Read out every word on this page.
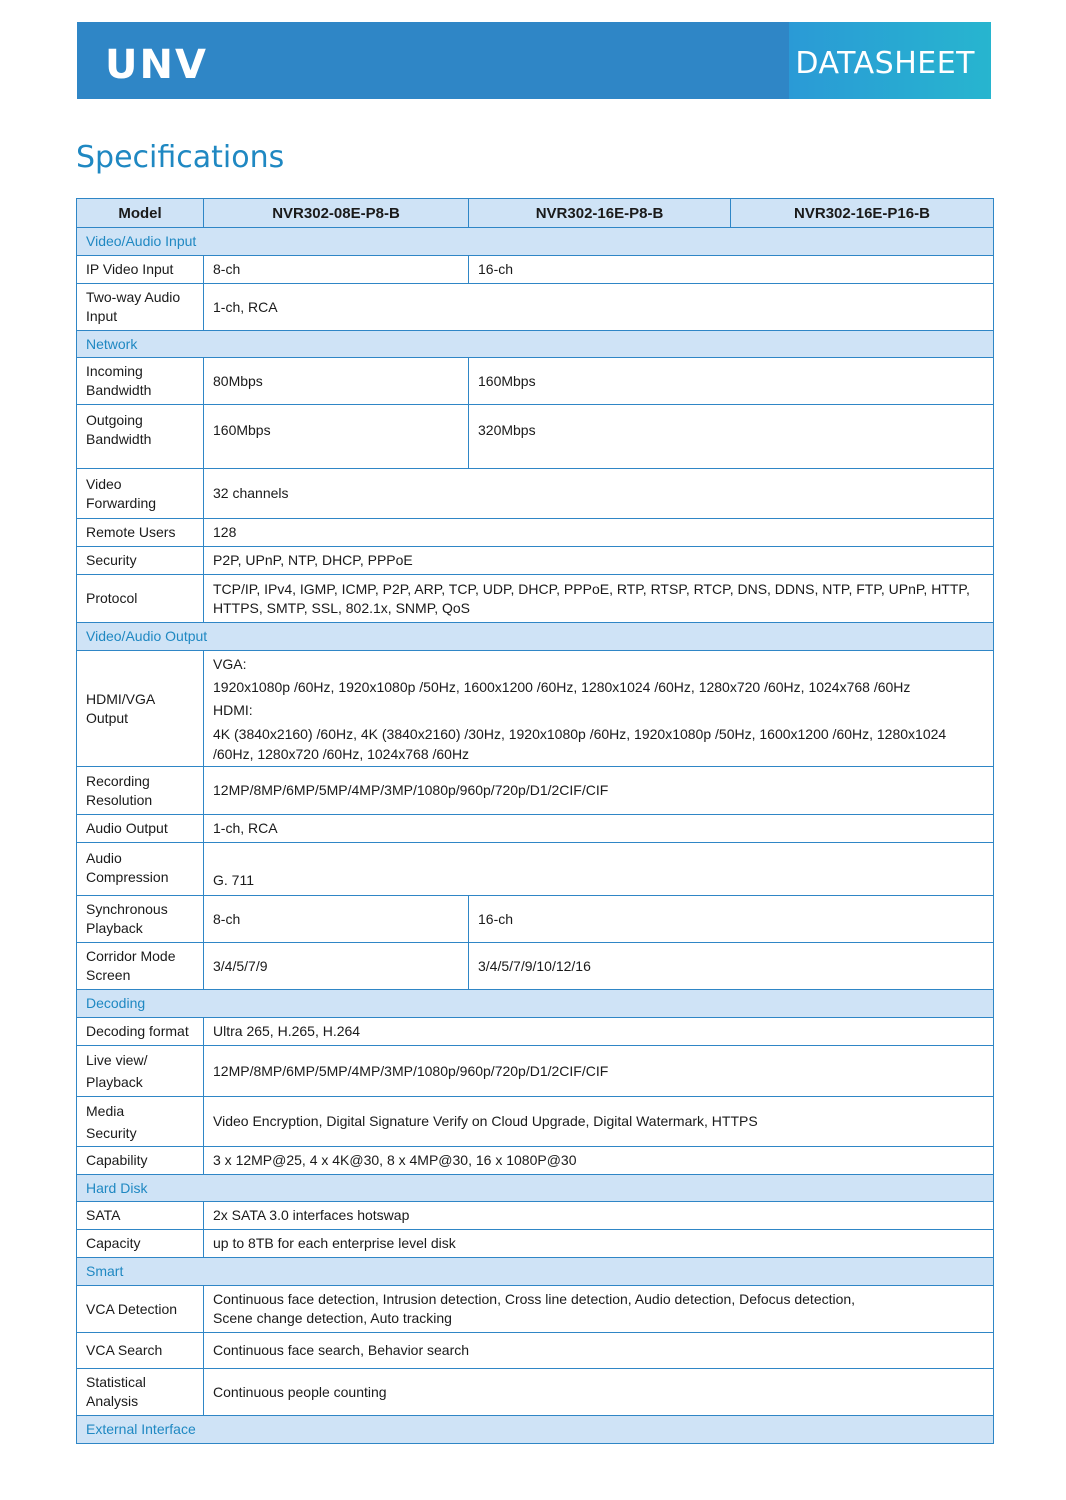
UNV	DATASHEET
Specifications
Model	NVR302-08E-P8-B	NVR302-16E-P8-B	NVR302-16E-P16-B
Video/Audio Input			
IP Video Input	8-ch	16-ch	

Two-way Audio
Input	1-ch, RCA		
Network			

Incoming
Bandwidth	80Mbps	160Mbps	

Outgoing
Bandwidth	160Mbps	320Mbps	

Video
Forwarding	32 channels		
Remote Users	128		
Security	P2P, UPnP, NTP, DHCP, PPPoE		
Protocol	TCP/IP, IPv4, IGMP, ICMP, P2P, ARP, TCP, UDP, DHCP, PPPoE, RTP, RTSP, RTCP, DNS, DDNS, NTP, FTP, UPnP, HTTP,
HTTPS, SMTP, SSL, 802.1x, SNMP, QoS		

Video/Audio Output			

HDMI/VGA
Output	VGA:
1920x1080p /60Hz, 1920x1080p /50Hz, 1600x1200 /60Hz, 1280x1024 /60Hz, 1280x720 /60Hz, 1024x768 /60Hz
HDMI:
4K (3840x2160) /60Hz, 4K (3840x2160) /30Hz, 1920x1080p /60Hz, 1920x1080p /50Hz, 1600x1200 /60Hz, 1280x1024
/60Hz, 1280x720 /60Hz, 1024x768 /60Hz		

Recording
Resolution	12MP/8MP/6MP/5MP/4MP/3MP/1080p/960p/720p/D1/2CIF/CIF		
Audio Output	1-ch, RCA		

Audio
Compression	G. 711		

Synchronous
Playback	8-ch	16-ch	

Corridor Mode
Screen	3/4/5/7/9	3/4/5/7/9/10/12/16	
Decoding			
Decoding format	Ultra 265, H.265, H.264		

Live view/
Playback	12MP/8MP/6MP/5MP/4MP/3MP/1080p/960p/720p/D1/2CIF/CIF		

Media
Security	Video Encryption, Digital Signature Verify on Cloud Upgrade, Digital Watermark, HTTPS		
Capability	3 x 12MP@25, 4 x 4K@30, 8 x 4MP@30, 16 x 1080P@30		
Hard Disk			
SATA	2x SATA 3.0 interfaces hotswap		
Capacity	up to 8TB for each enterprise level disk		
Smart			
VCA Detection	Continuous face detection, Intrusion detection, Cross line detection, Audio detection, Defocus detection,
Scene change detection, Auto tracking		

VCA Search	Continuous face search, Behavior search		

Statistical
Analysis	Continuous people counting		
External Interface			
